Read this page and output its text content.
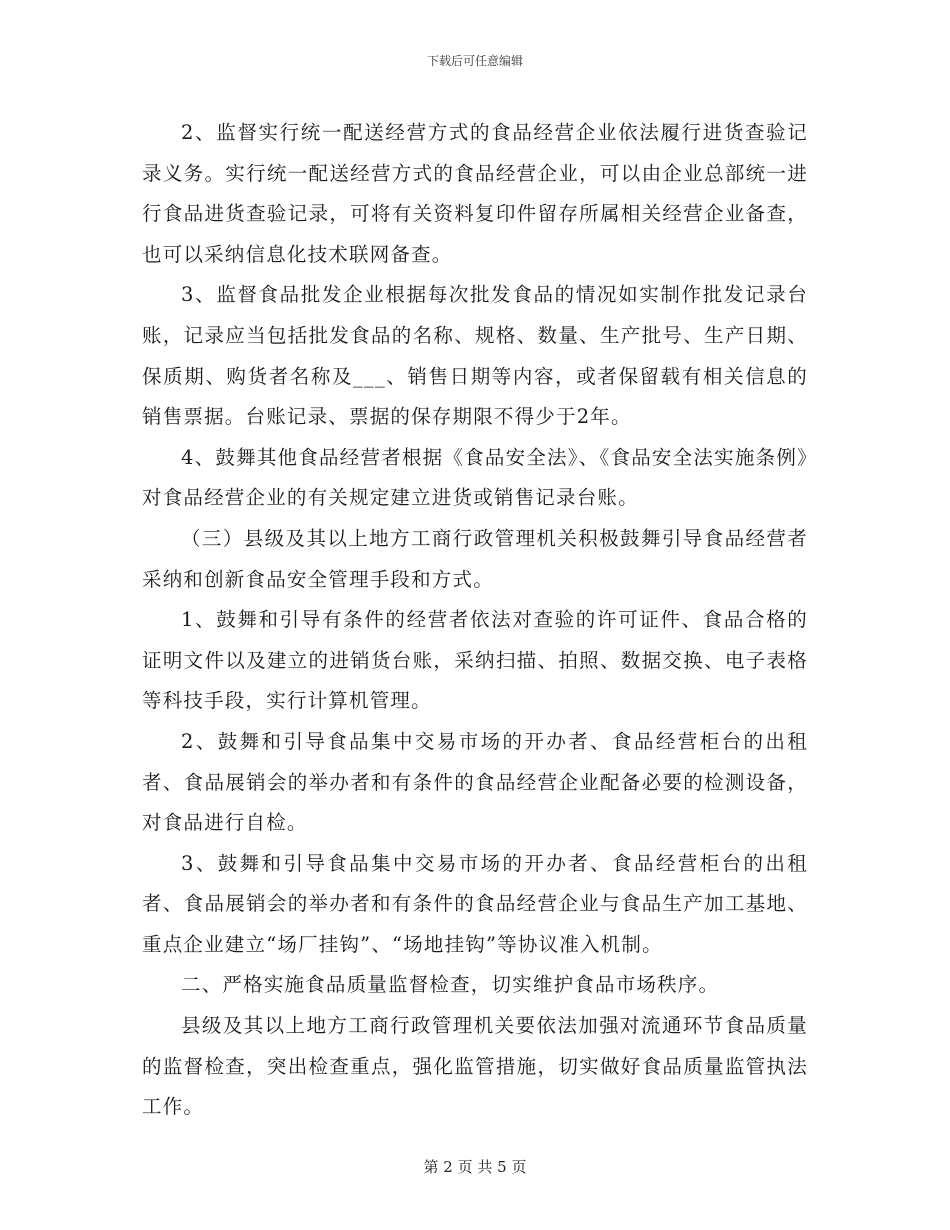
下载后可任意编辑

2、监督实行统一配送经营方式的食品经营企业依法履行进货查验记录义务。实行统一配送经营方式的食品经营企业，可以由企业总部统一进行食品进货查验记录，可将有关资料复印件留存所属相关经营企业备查，也可以采纳信息化技术联网备查。

3、监督食品批发企业根据每次批发食品的情况如实制作批发记录台账，记录应当包括批发食品的名称、规格、数量、生产批号、生产日期、保质期、购货者名称及___、销售日期等内容，或者保留载有相关信息的销售票据。台账记录、票据的保存期限不得少于2年。

4、鼓舞其他食品经营者根据《食品安全法》、《食品安全法实施条例》对食品经营企业的有关规定建立进货或销售记录台账。

（三）县级及其以上地方工商行政管理机关积极鼓舞引导食品经营者采纳和创新食品安全管理手段和方式。

1、鼓舞和引导有条件的经营者依法对查验的许可证件、食品合格的证明文件以及建立的进销货台账，采纳扫描、拍照、数据交换、电子表格等科技手段，实行计算机管理。

2、鼓舞和引导食品集中交易市场的开办者、食品经营柜台的出租者、食品展销会的举办者和有条件的食品经营企业配备必要的检测设备，对食品进行自检。

3、鼓舞和引导食品集中交易市场的开办者、食品经营柜台的出租者、食品展销会的举办者和有条件的食品经营企业与食品生产加工基地、重点企业建立“场厂挂钩”、“场地挂钩”等协议准入机制。

二、严格实施食品质量监督检查，切实维护食品市场秩序。

县级及其以上地方工商行政管理机关要依法加强对流通环节食品质量的监督检查，突出检查重点，强化监管措施，切实做好食品质量监管执法工作。

第 2 页 共 5 页
